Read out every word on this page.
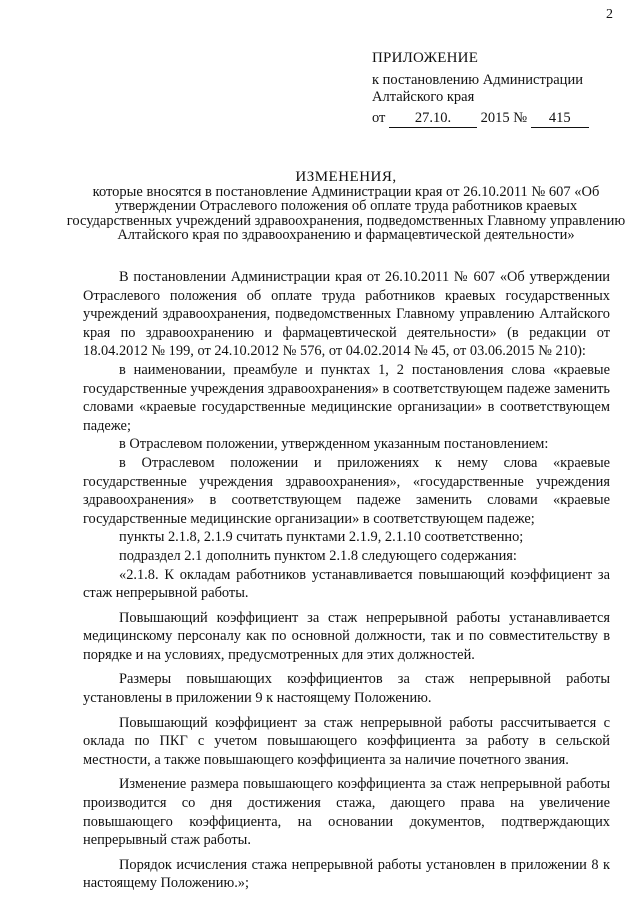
2
ПРИЛОЖЕНИЕ
к постановлению Администрации
Алтайского края
от 27.10. 2015 № 415
ИЗМЕНЕНИЯ,
которые вносятся в постановление Администрации края от 26.10.2011 № 607 «Об утверждении Отраслевого положения об оплате труда работников краевых государственных учреждений здравоохранения, подведомственных Главному управлению Алтайского края по здравоохранению и фармацевтической деятельности»

В постановлении Администрации края от 26.10.2011 № 607 «Об утверждении Отраслевого положения об оплате труда работников краевых государственных учреждений здравоохранения, подведомственных Главному управлению Алтайского края по здравоохранению и фармацевтической деятельности» (в редакции от 18.04.2012 № 199, от 24.10.2012 № 576, от 04.02.2014 № 45, от 03.06.2015 № 210):

в наименовании, преамбуле и пунктах 1, 2 постановления слова «краевые государственные учреждения здравоохранения» в соответствующем падеже заменить словами «краевые государственные медицинские организации» в соответствующем падеже;

в Отраслевом положении, утвержденном указанным постановлением:

в Отраслевом положении и приложениях к нему слова «краевые государственные учреждения здравоохранения», «государственные учреждения здравоохранения» в соответствующем падеже заменить словами «краевые государственные медицинские организации» в соответствующем падеже;

пункты 2.1.8, 2.1.9 считать пунктами 2.1.9, 2.1.10 соответственно;

подраздел 2.1 дополнить пунктом 2.1.8 следующего содержания:

«2.1.8. К окладам работников устанавливается повышающий коэффициент за стаж непрерывной работы.

Повышающий коэффициент за стаж непрерывной работы устанавливается медицинскому персоналу как по основной должности, так и по совместительству в порядке и на условиях, предусмотренных для этих должностей.

Размеры повышающих коэффициентов за стаж непрерывной работы установлены в приложении 9 к настоящему Положению.

Повышающий коэффициент за стаж непрерывной работы рассчитывается с оклада по ПКГ с учетом повышающего коэффициента за работу в сельской местности, а также повышающего коэффициента за наличие почетного звания.

Изменение размера повышающего коэффициента за стаж непрерывной работы производится со дня достижения стажа, дающего права на увеличение повышающего коэффициента, на основании документов, подтверждающих непрерывный стаж работы.

Порядок исчисления стажа непрерывной работы установлен в приложении 8 к настоящему Положению.»;
